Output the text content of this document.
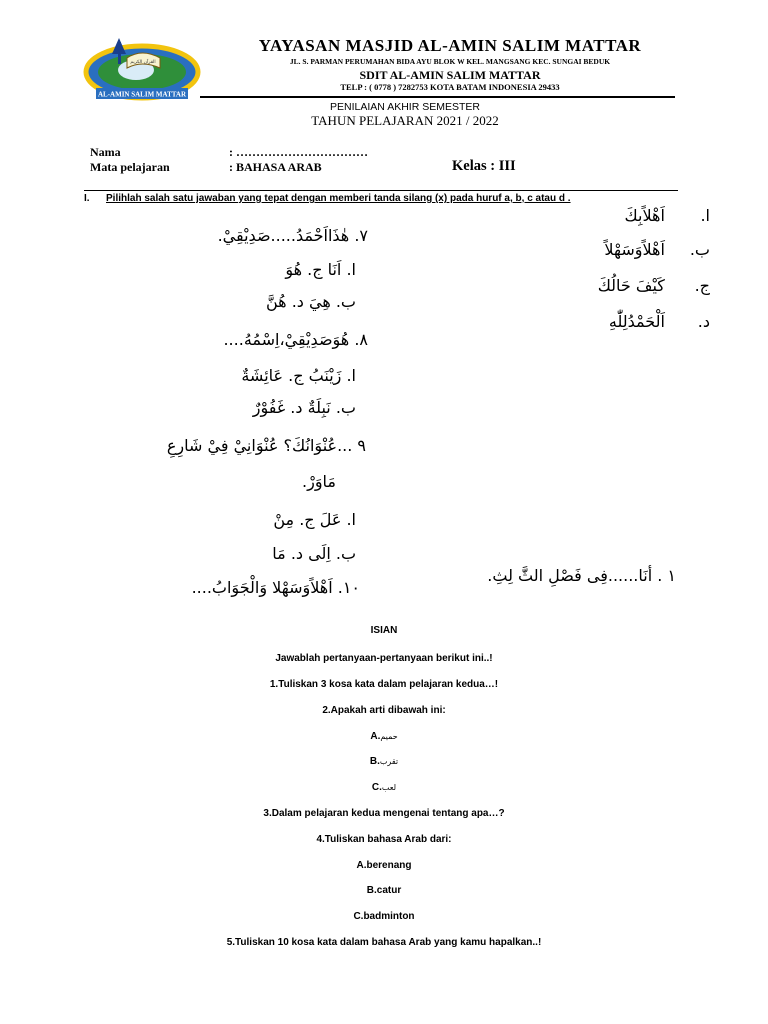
القرآن الكريم
AL-AMIN SALIM MATTAR
YAYASAN MASJID AL-AMIN SALIM MATTAR
JL. S. PARMAN PERUMAHAN BIDA AYU BLOK W KEL. MANGSANG KEC. SUNGAI BEDUK
SDIT AL-AMIN SALIM MATTAR
TELP : ( 0778 ) 7282753 KOTA BATAM INDONESIA 29433
PENILAIAN AKHIR SEMESTER
TAHUN PELAJARAN 2021 / 2022
Nama	: ……………………………
Mata pelajaran	: BAHASA ARAB	Kelas : III
I. Pilihlah salah satu jawaban yang tepat dengan memberi tanda silang (x) pada huruf a, b, c atau d .
ا. اَهْلاًبِكَ
ب. اَهْلاًوَسَهْلاً
ج. كَيْفَ حَالُكَ
د. اَلْحَمْدُلِلّٰهِ
١ . أنَا......فِى فَصْلِ الثَّ لِثِ.
٧. هٰذَااَحْمَدُ.....صَدِيْقِيْ.
ا. اَنَا ج. هُوَ
ب. هِيَ د. هُنَّ
٨. هُوَصَدِيْقِيْ،اِسْمُهُ....
ا. زَيْنَبُ ج. عَائِشَةٌ
ب. نَبِلَةٌ د. غَفُوْرٌ
٩ ...عُنْوَانُكَ؟ عُنْوَانِيْ فِيْ شَارِعِ
مَاوَرْ.
ا. عَلَ ج. مِنْ
ب. اِلَى د. مَا
١٠. اَهْلاًوَسَهْلا وَالْجَوَابُ....
ISIAN
Jawablah pertanyaan-pertanyaan berikut ini..!
1.Tuliskan 3 kosa kata dalam pelajaran kedua…!
2.Apakah arti dibawah ini:
A.حميم
B.تقرب
C.لعب
3.Dalam pelajaran kedua mengenai tentang apa…?
4.Tuliskan bahasa Arab dari:
A.berenang
B.catur
C.badminton
5.Tuliskan 10 kosa kata dalam bahasa Arab yang kamu hapalkan..!
